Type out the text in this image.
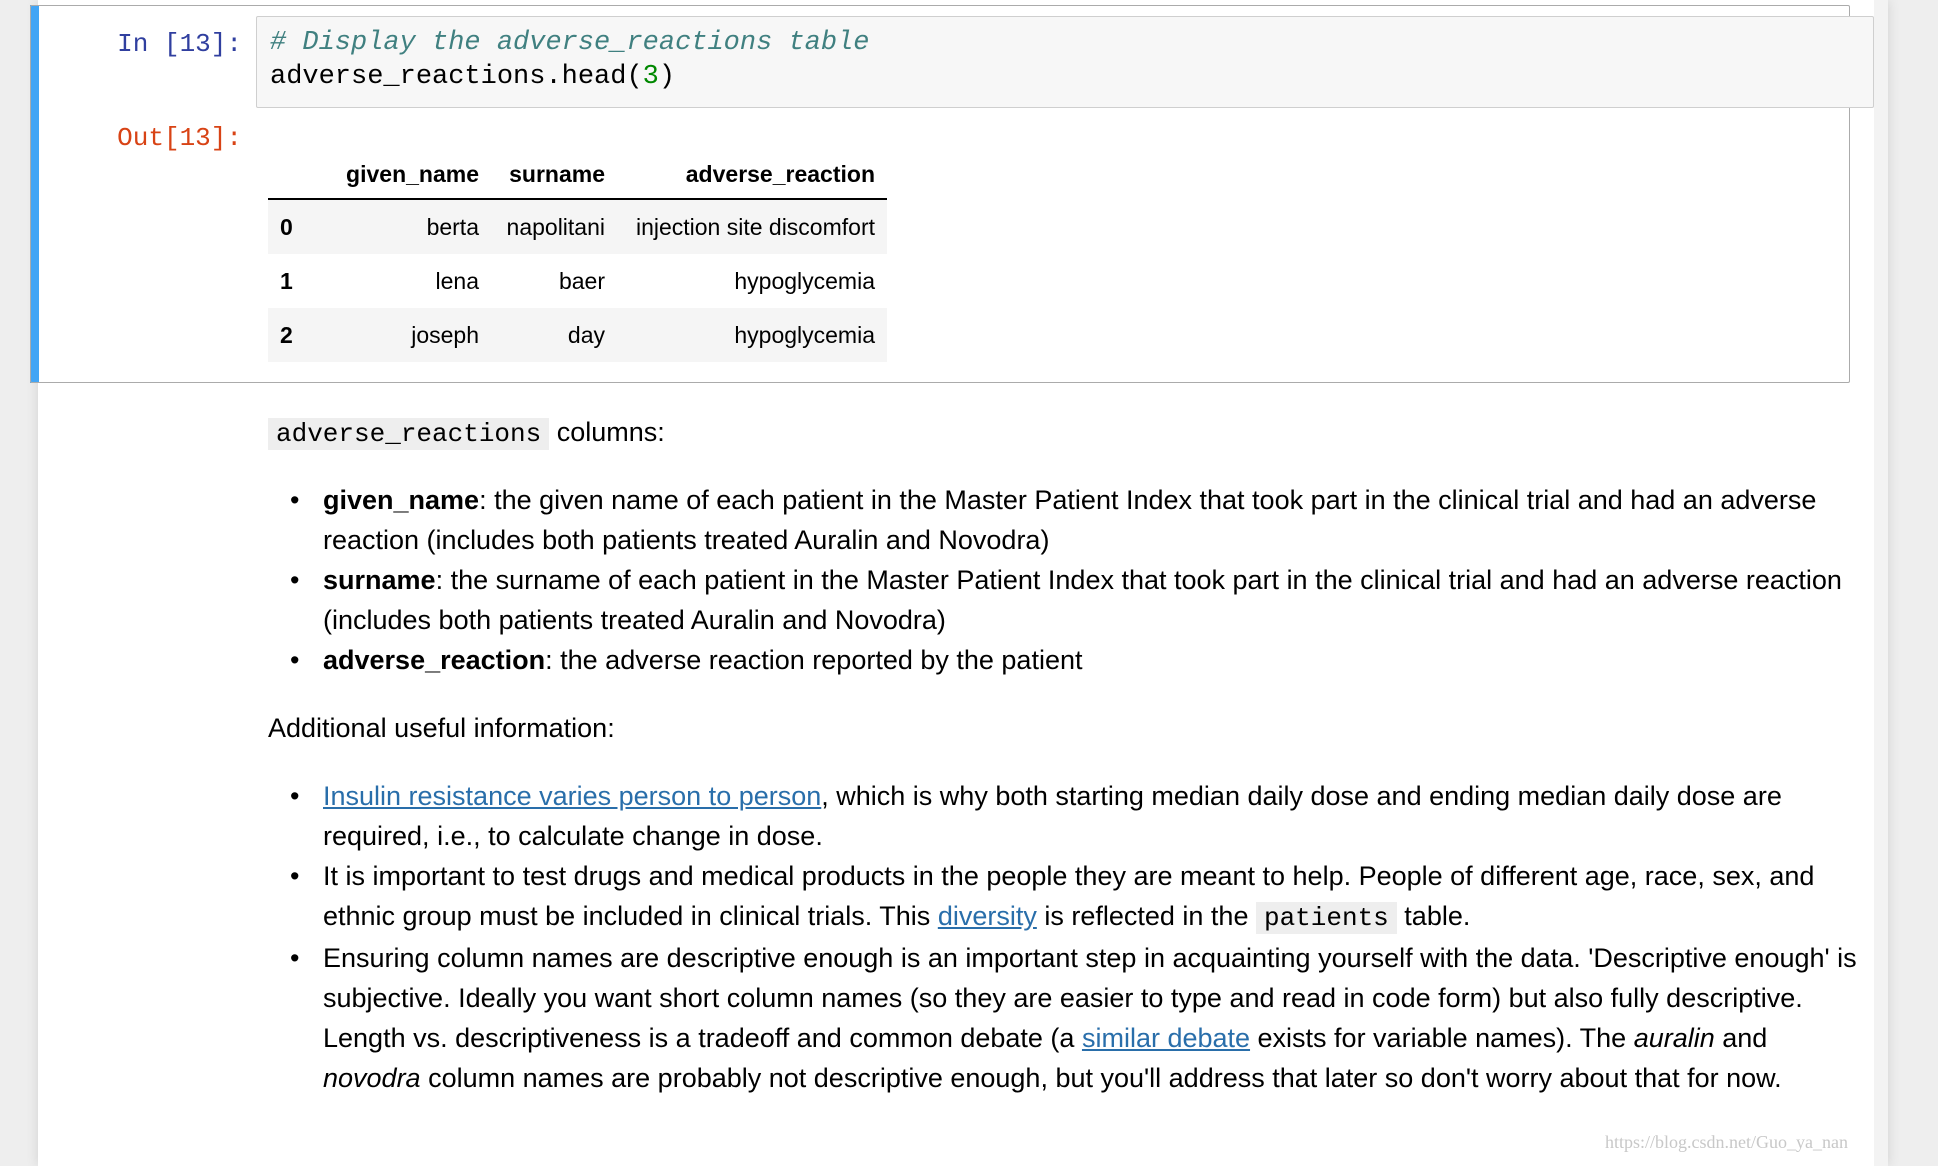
In [13]: # Display the adverse_reactions table
adverse_reactions.head(3)
Out[13]:
	given_name	surname	adverse_reaction
0	berta	napolitani	injection site discomfort
1	lena	baer	hypoglycemia
2	joseph	day	hypoglycemia
adverse_reactions columns:
• given_name: the given name of each patient in the Master Patient Index that took part in the clinical trial and had an adverse reaction (includes both patients treated Auralin and Novodra)
• surname: the surname of each patient in the Master Patient Index that took part in the clinical trial and had an adverse reaction (includes both patients treated Auralin and Novodra)
• adverse_reaction: the adverse reaction reported by the patient
Additional useful information:
• Insulin resistance varies person to person, which is why both starting median daily dose and ending median daily dose are required, i.e., to calculate change in dose.
• It is important to test drugs and medical products in the people they are meant to help. People of different age, race, sex, and ethnic group must be included in clinical trials. This diversity is reflected in the patients table.
• Ensuring column names are descriptive enough is an important step in acquainting yourself with the data. 'Descriptive enough' is subjective. Ideally you want short column names (so they are easier to type and read in code form) but also fully descriptive. Length vs. descriptiveness is a tradeoff and common debate (a similar debate exists for variable names). The auralin and novodra column names are probably not descriptive enough, but you'll address that later so don't worry about that for now.
https://blog.csdn.net/Guo_ya_nan
